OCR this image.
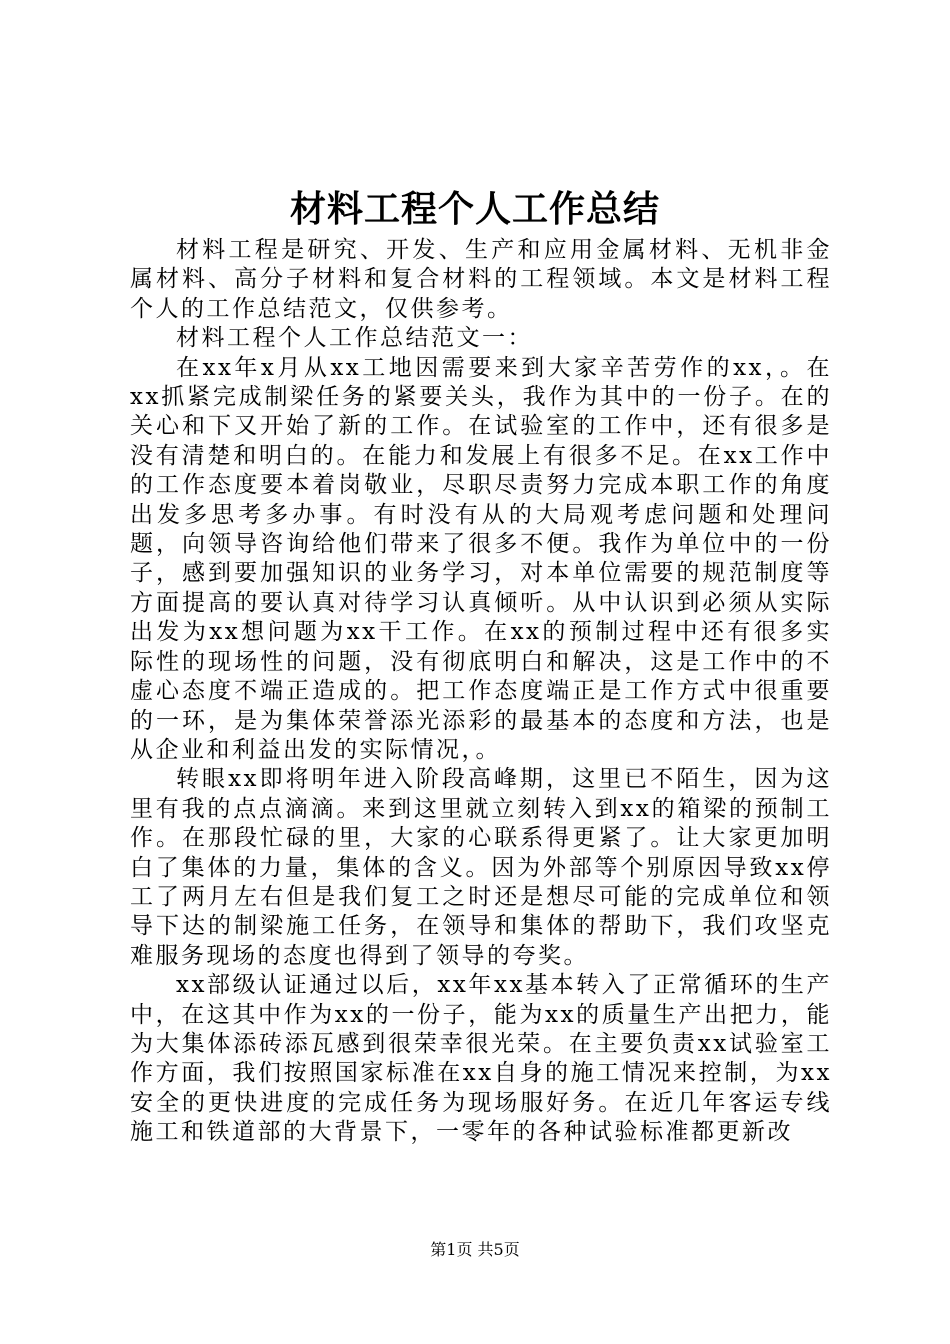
材料工程个人工作总结

材料工程是研究、开发、生产和应用金属材料、无机非金属材料、高分子材料和复合材料的工程领域。本文是材料工程个人的工作总结范文，仅供参考。

材料工程个人工作总结范文一：

在xx年x月从xx工地因需要来到大家辛苦劳作的xx，。在xx抓紧完成制梁任务的紧要关头，我作为其中的一份子。在的关心和下又开始了新的工作。在试验室的工作中，还有很多是没有清楚和明白的。在能力和发展上有很多不足。在xx工作中的工作态度要本着岗敬业，尽职尽责努力完成本职工作的角度出发多思考多办事。有时没有从的大局观考虑问题和处理问题，向领导咨询给他们带来了很多不便。我作为单位中的一份子，感到要加强知识的业务学习，对本单位需要的规范制度等方面提高的要认真对待学习认真倾听。从中认识到必须从实际出发为xx想问题为xx干工作。在xx的预制过程中还有很多实际性的现场性的问题，没有彻底明白和解决，这是工作中的不虚心态度不端正造成的。把工作态度端正是工作方式中很重要的一环，是为集体荣誉添光添彩的最基本的态度和方法，也是从企业和利益出发的实际情况，。

转眼xx即将明年进入阶段高峰期，这里已不陌生，因为这里有我的点点滴滴。来到这里就立刻转入到xx的箱梁的预制工作。在那段忙碌的里，大家的心联系得更紧了。让大家更加明白了集体的力量，集体的含义。因为外部等个别原因导致xx停工了两月左右但是我们复工之时还是想尽可能的完成单位和领导下达的制梁施工任务，在领导和集体的帮助下，我们攻坚克难服务现场的态度也得到了领导的夸奖。

xx部级认证通过以后，xx年xx基本转入了正常循环的生产中，在这其中作为xx的一份子，能为xx的质量生产出把力，能为大集体添砖添瓦感到很荣幸很光荣。在主要负责xx试验室工作方面，我们按照国家标准在xx自身的施工情况来控制，为xx安全的更快进度的完成任务为现场服好务。在近几年客运专线施工和铁道部的大背景下，一零年的各种试验标准都更新改

第1页 共5页
